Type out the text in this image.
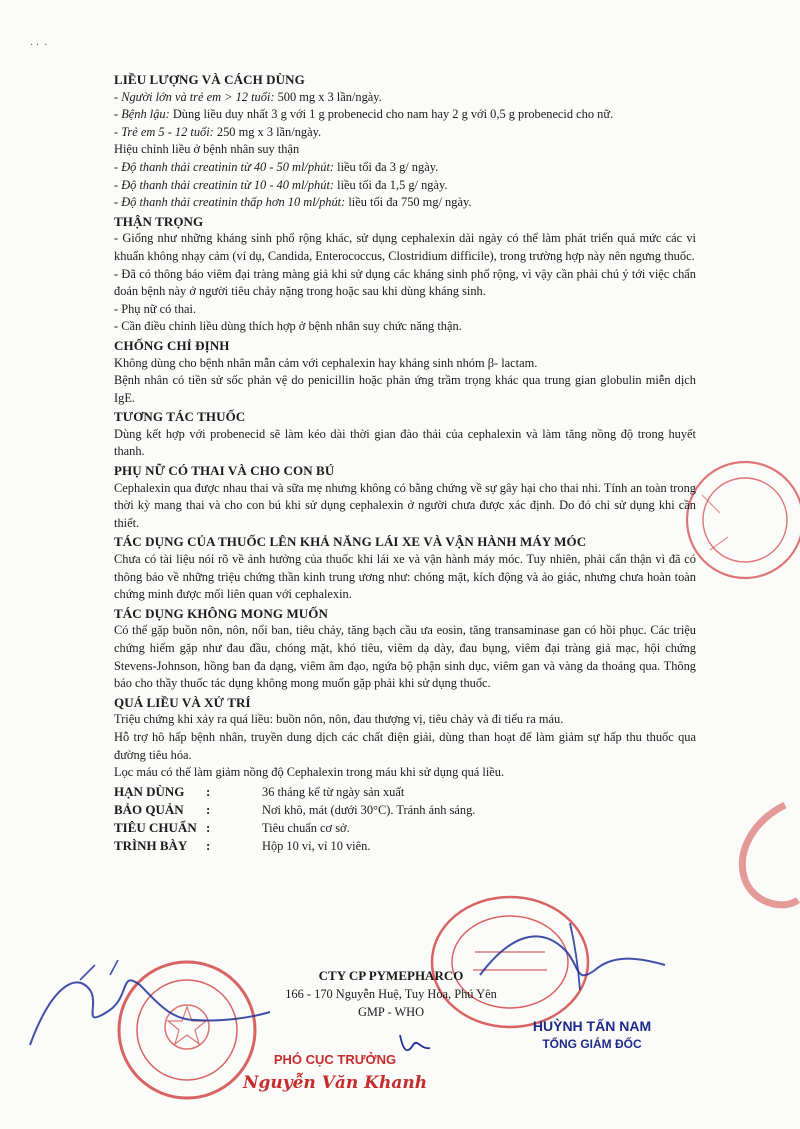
· ·  ·
LIỀU LƯỢNG VÀ CÁCH DÙNG
- Người lớn và trẻ em > 12 tuổi: 500 mg x 3 lần/ngày.
- Bệnh lậu: Dùng liều duy nhất 3 g với 1 g probenecid cho nam hay 2 g với 0,5 g probenecid cho nữ.
- Trẻ em 5 - 12 tuổi: 250 mg x 3 lần/ngày.
Hiệu chỉnh liều ở bệnh nhân suy thận
- Độ thanh thải creatinin từ 40 - 50 ml/phút: liều tối đa 3 g/ ngày.
- Độ thanh thải creatinin từ 10 - 40 ml/phút: liều tối đa 1,5 g/ ngày.
- Độ thanh thải creatinin thấp hơn 10 ml/phút: liều tối đa 750 mg/ ngày.
THẬN TRỌNG
- Giống như những kháng sinh phổ rộng khác, sử dụng cephalexin dài ngày có thể làm phát triển quá mức các vi khuẩn không nhạy cảm (ví dụ, Candida, Enterococcus, Clostridium difficile), trong trường hợp này nên ngưng thuốc.
- Đã có thông báo viêm đại tràng màng giả khi sử dụng các kháng sinh phổ rộng, vì vậy cần phải chú ý tới việc chẩn đoán bệnh này ở người tiêu chảy nặng trong hoặc sau khi dùng kháng sinh.
- Phụ nữ có thai.
- Cần điều chỉnh liều dùng thích hợp ở bệnh nhân suy chức năng thận.
CHỐNG CHỈ ĐỊNH
Không dùng cho bệnh nhân mẫn cảm với cephalexin hay kháng sinh nhóm β- lactam.
Bệnh nhân có tiền sử sốc phản vệ do penicillin hoặc phản ứng trầm trọng khác qua trung gian globulin miễn dịch IgE.
TƯƠNG TÁC THUỐC
Dùng kết hợp với probenecid sẽ làm kéo dài thời gian đào thải của cephalexin và làm tăng nồng độ trong huyết thanh.
PHỤ NỮ CÓ THAI VÀ CHO CON BÚ
Cephalexin qua được nhau thai và sữa mẹ nhưng không có bằng chứng về sự gây hại cho thai nhi. Tính an toàn trong thời kỳ mang thai và cho con bú khi sử dụng cephalexin ở người chưa được xác định. Do đó chỉ sử dụng khi cần thiết.
TÁC DỤNG CỦA THUỐC LÊN KHẢ NĂNG LÁI XE VÀ VẬN HÀNH MÁY MÓC
Chưa có tài liệu nói rõ về ảnh hưởng của thuốc khi lái xe và vận hành máy móc. Tuy nhiên, phải cẩn thận vì đã có thông báo về những triệu chứng thần kinh trung ương như: chóng mặt, kích động và ảo giác, nhưng chưa hoàn toàn chứng minh được mối liên quan với cephalexin.
TÁC DỤNG KHÔNG MONG MUỐN
Có thể gặp buồn nôn, nôn, nổi ban, tiêu chảy, tăng bạch cầu ưa eosin, tăng transaminase gan có hồi phục. Các triệu chứng hiếm gặp như đau đầu, chóng mặt, khó tiêu, viêm dạ dày, đau bụng, viêm đại tràng giả mạc, hội chứng Stevens-Johnson, hồng ban đa dạng, viêm âm đạo, ngứa bộ phận sinh dục, viêm gan và vàng da thoáng qua. Thông báo cho thầy thuốc tác dụng không mong muốn gặp phải khi sử dụng thuốc.
QUÁ LIỀU VÀ XỬ TRÍ
Triệu chứng khi xảy ra quá liều: buồn nôn, nôn, đau thượng vị, tiêu chảy và đi tiểu ra máu.
Hỗ trợ hô hấp bệnh nhân, truyền dung dịch các chất điện giải, dùng than hoạt để làm giảm sự hấp thu thuốc qua đường tiêu hóa.
Lọc máu có thể làm giảm nồng độ Cephalexin trong máu khi sử dụng quá liều.
HẠN DÙNG :	36 tháng kể từ ngày sản xuất
BẢO QUẢN :	Nơi khô, mát (dưới 30°C). Tránh ánh sáng.
TIÊU CHUẨN :	Tiêu chuẩn cơ sở.
TRÌNH BÀY :	Hộp 10 vỉ, vỉ 10 viên.
CTY CP PYMEPHARCO
166 - 170 Nguyễn Huệ, Tuy Hòa, Phú Yên
GMP - WHO
HUỲNH TẤN NAM
TỔNG GIÁM ĐỐC
PHÓ CỤC TRƯỞNG
Nguyễn Văn Khanh
